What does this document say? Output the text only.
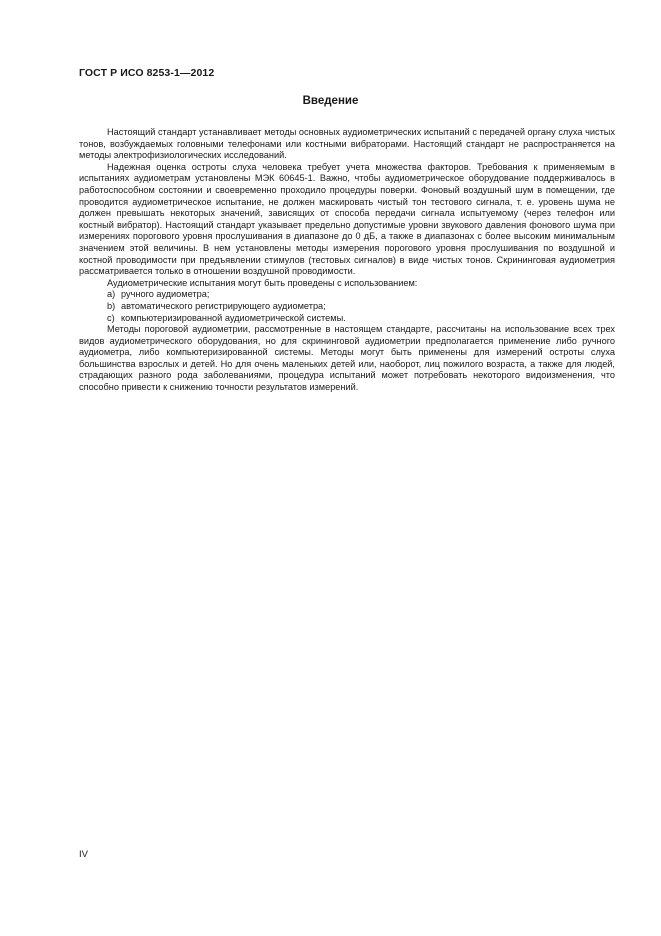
ГОСТ Р ИСО 8253-1—2012
Введение

Настоящий стандарт устанавливает методы основных аудиометрических испытаний с передачей органу слуха чистых тонов, возбуждаемых головными телефонами или костными вибраторами. Настоящий стандарт не распространяется на методы электрофизиологических исследований.

Надежная оценка остроты слуха человека требует учета множества факторов. Требования к применяемым в испытаниях аудиометрам установлены МЭК 60645-1. Важно, чтобы аудиометрическое оборудование поддерживалось в работоспособном состоянии и своевременно проходило процедуры поверки. Фоновый воздушный шум в помещении, где проводится аудиометрическое испытание, не должен маскировать чистый тон тестового сигнала, т. е. уровень шума не должен превышать некоторых значений, зависящих от способа передачи сигнала испытуемому (через телефон или костный вибратор). Настоящий стандарт указывает предельно допустимые уровни звукового давления фонового шума при измерениях порогового уровня прослушивания в диапазоне до 0 дБ, а также в диапазонах с более высоким минимальным значением этой величины. В нем установлены методы измерения порогового уровня прослушивания по воздушной и костной проводимости при предъявлении стимулов (тестовых сигналов) в виде чистых тонов. Скрининговая аудиометрия рассматривается только в отношении воздушной проводимости.

Аудиометрические испытания могут быть проведены с использованием:

а) ручного аудиометра;
b) автоматического регистрирующего аудиометра;
с) компьютеризированной аудиометрической системы.

Методы пороговой аудиометрии, рассмотренные в настоящем стандарте, рассчитаны на использование всех трех видов аудиометрического оборудования, но для скрининговой аудиометрии предполагается применение либо ручного аудиометра, либо компьютеризированной системы. Методы могут быть применены для измерений остроты слуха большинства взрослых и детей. Но для очень маленьких детей или, наоборот, лиц пожилого возраста, а также для людей, страдающих разного рода заболеваниями, процедура испытаний может потребовать некоторого видоизменения, что способно привести к снижению точности результатов измерений.

IV
